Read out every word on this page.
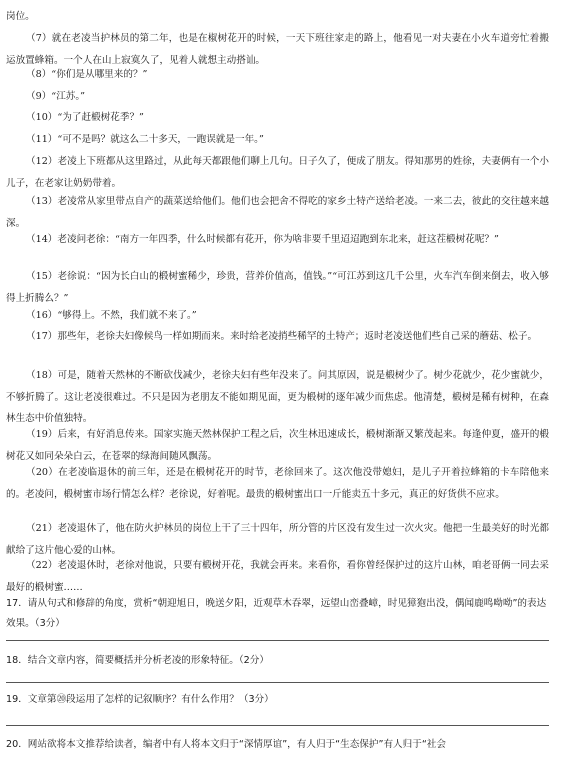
岗位。
（7）就在老凌当护林员的第二年，也是在椒树花开的时候，一天下班往家走的路上，他看见一对夫妻在小火车道旁忙着搬运放置蜂箱。一个人在山上寂寞久了，见着人就想主动搭讪。
（8）“你们是从哪里来的？”
（9）“江苏。”
（10）“为了赶椴树花季？”
（11）“可不是吗？就这么二十多天，一跑误就是一年。”
（12）老凌上下班都从这里路过，从此每天都跟他们聊上几句。日子久了，便成了朋友。得知那男的姓徐，夫妻俩有一个小儿子，在老家让奶奶带着。
（13）老凌常从家里带点自产的蔬菜送给他们。他们也会把舍不得吃的家乡土特产送给老凌。一来二去，彼此的交往越来越深。
（14）老凌问老徐：“南方一年四季，什么时候都有花开，你为啥非要千里迢迢跑到东北来，赶这茬椴树花呢？”
（15）老徐说：“因为长白山的椴树蜜稀少，珍贵，营养价值高，值钱。”“可江苏到这几千公里，火车汽车倒来倒去，收入够得上折腾么？”
（16）“够得上。不然，我们就不来了。”
（17）那些年，老徐夫妇像候鸟一样如期而来。来时给老凌捎些稀罕的土特产；返时老凌送他们些自己采的蘑菇、松子。
（18）可是，随着天然林的不断砍伐减少，老徐夫妇有些年没来了。问其原因，说是椴树少了。树少花就少，花少蜜就少，不够折腾了。这让老凌很难过。不只是因为老朋友不能如期见面，更为椴树的逐年减少而焦虑。他清楚，椴树是稀有树种，在森林生态中价值独特。
（19）后来，有好消息传来。国家实施天然林保护工程之后，次生林迅速成长，椴树渐渐又繁茂起来。每逢仲夏，盛开的椴树花又如同朵朵白云，在苍翠的绿海间随风飘荡。
（20）在老凌临退休的前三年，还是在椴树花开的时节，老徐回来了。这次他没带媳妇，是儿子开着拉蜂箱的卡车陪他来的。老凌问，椴树蜜市场行情怎么样？老徐说，好着呢。最贵的椴树蜜出口一斤能卖五十多元，真正的好货供不应求。
（21）老凌退休了，他在防火护林员的岗位上干了三十四年，所分管的片区没有发生过一次火灾。他把一生最美好的时光都献给了这片他心爱的山林。
（22）老凌退休时，老徐对他说，只要有椴树开花，我就会再来。来看你，看你曾经保护过的这片山林，咱老哥俩一同去采最好的椴树蜜……
17．请从句式和修辞的角度，赏析“朝迎旭日，晚送夕阳，近观草木吞翠，远望山峦叠嶂，时见獐狍出没，偶闻鹿鸣呦呦”的表达效果。（3分）
18．结合文章内容，简要概括并分析老凌的形象特征。（2分）
19．文章第⑳段运用了怎样的记叙顺序？有什么作用？（3分）
20．网站欲将本文推荐给读者，编者中有人将本文归于“深情厚谊”，有人归于“生态保护”有人归于“社会
